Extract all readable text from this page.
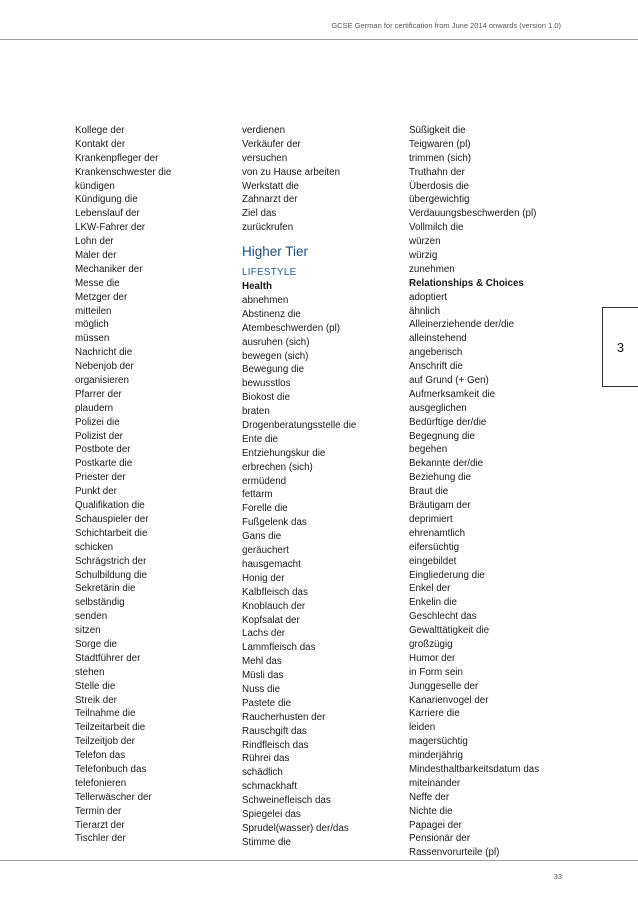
GCSE German for certification from June 2014 onwards (version 1.0)
3
Kollege der
Kontakt der
Krankenpfleger der
Krankenschwester die
kündigen
Kündigung die
Lebenslauf der
LKW-Fahrer der
Lohn der
Maler der
Mechaniker der
Messe die
Metzger der
mitteilen
möglich
müssen
Nachricht die
Nebenjob der
organisieren
Pfarrer der
plaudern
Polizei die
Polizist der
Postbote der
Postkarte die
Priester der
Punkt der
Qualifikation die
Schauspieler der
Schichtarbeit die
schicken
Schrägstrich der
Schulbildung die
Sekretärin die
selbständig
senden
sitzen
Sorge die
Stadtführer der
stehen
Stelle die
Streik der
Teilnahme die
Teilzeitarbeit die
Teilzeitjob der
Telefon das
Telefonbuch das
telefonieren
Tellerwäscher der
Termin der
Tierarzt der
Tischler der
verdienen
Verkäufer der
versuchen
von zu Hause arbeiten
Werkstatt die
Zahnarzt der
Ziel das
zurückrufen
Higher Tier
LIFESTYLE
Health
abnehmen
Abstinenz die
Atembeschwerden (pl)
ausruhen (sich)
bewegen (sich)
Bewegung die
bewusstlos
Biokost die
braten
Drogenberatungsstelle die
Ente die
Entziehungskur die
erbrechen (sich)
ermüdend
fettarm
Forelle die
Fußgelenk das
Gans die
geräuchert
hausgemacht
Honig der
Kalbfleisch das
Knoblauch der
Kopfsalat der
Lachs der
Lammfleisch das
Mehl das
Müsli das
Nuss die
Pastete die
Raucherhusten der
Rauschgift das
Rindfleisch das
Rührei das
schädlich
schmackhaft
Schweinefleisch das
Spiegelei das
Sprudel(wasser) der/das
Stimme die
Süßigkeit die
Teigwaren (pl)
trimmen (sich)
Truthahn der
Überdosis die
übergewichtig
Verdauungsbeschwerden (pl)
Vollmilch die
würzen
würzig
zunehmen
Relationships & Choices
adoptiert
ähnlich
Alleinerziehende der/die
alleinstehend
angeberisch
Anschrift die
auf Grund (+ Gen)
Aufmerksamkeit die
ausgeglichen
Bedürftige der/die
Begegnung die
begehen
Bekannte der/die
Beziehung die
Braut die
Bräutigam der
deprimiert
ehrenamtlich
eifersüchtig
eingebildet
Eingliederung die
Enkel der
Enkelin die
Geschlecht das
Gewalttätigkeit die
großzügig
Humor der
in Form sein
Junggeselle der
Kanarienvogel der
Karriere die
leiden
magersüchtig
minderjährig
Mindesthaltbarkeitsdatum das
miteinander
Neffe der
Nichte die
Papagei der
Pensionär der
Rassenvorurteile (pl)
33
